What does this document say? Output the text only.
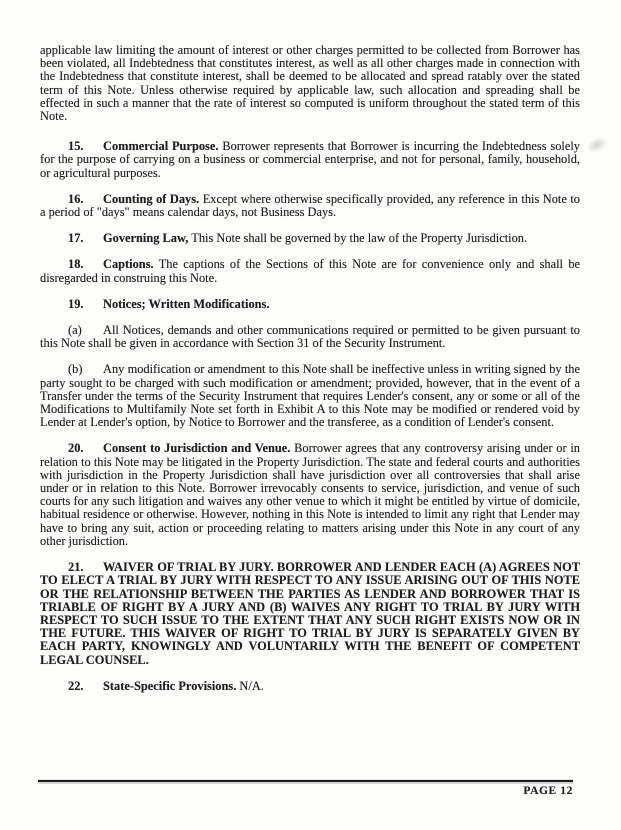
applicable law limiting the amount of interest or other charges permitted to be collected from Borrower has been violated, all Indebtedness that constitutes interest, as well as all other charges made in connection with the Indebtedness that constitute interest, shall be deemed to be allocated and spread ratably over the stated term of this Note. Unless otherwise required by applicable law, such allocation and spreading shall be effected in such a manner that the rate of interest so computed is uniform throughout the stated term of this Note.

15. Commercial Purpose. Borrower represents that Borrower is incurring the Indebtedness solely for the purpose of carrying on a business or commercial enterprise, and not for personal, family, household, or agricultural purposes.

16. Counting of Days. Except where otherwise specifically provided, any reference in this Note to a period of "days" means calendar days, not Business Days.

17. Governing Law, This Note shall be governed by the law of the Property Jurisdiction.

18. Captions. The captions of the Sections of this Note are for convenience only and shall be disregarded in construing this Note.

19. Notices; Written Modifications.

(a) All Notices, demands and other communications required or permitted to be given pursuant to this Note shall be given in accordance with Section 31 of the Security Instrument.

(b) Any modification or amendment to this Note shall be ineffective unless in writing signed by the party sought to be charged with such modification or amendment; provided, however, that in the event of a Transfer under the terms of the Security Instrument that requires Lender's consent, any or some or all of the Modifications to Multifamily Note set forth in Exhibit A to this Note may be modified or rendered void by Lender at Lender's option, by Notice to Borrower and the transferee, as a condition of Lender's consent.

20. Consent to Jurisdiction and Venue. Borrower agrees that any controversy arising under or in relation to this Note may be litigated in the Property Jurisdiction. The state and federal courts and authorities with jurisdiction in the Property Jurisdiction shall have jurisdiction over all controversies that shall arise under or in relation to this Note. Borrower irrevocably consents to service, jurisdiction, and venue of such courts for any such litigation and waives any other venue to which it might be entitled by virtue of domicile, habitual residence or otherwise. However, nothing in this Note is intended to limit any right that Lender may have to bring any suit, action or proceeding relating to matters arising under this Note in any court of any other jurisdiction.

21. WAIVER OF TRIAL BY JURY. BORROWER AND LENDER EACH (A) AGREES NOT TO ELECT A TRIAL BY JURY WITH RESPECT TO ANY ISSUE ARISING OUT OF THIS NOTE OR THE RELATIONSHIP BETWEEN THE PARTIES AS LENDER AND BORROWER THAT IS TRIABLE OF RIGHT BY A JURY AND (B) WAIVES ANY RIGHT TO TRIAL BY JURY WITH RESPECT TO SUCH ISSUE TO THE EXTENT THAT ANY SUCH RIGHT EXISTS NOW OR IN THE FUTURE. THIS WAIVER OF RIGHT TO TRIAL BY JURY IS SEPARATELY GIVEN BY EACH PARTY, KNOWINGLY AND VOLUNTARILY WITH THE BENEFIT OF COMPETENT LEGAL COUNSEL.

22. State-Specific Provisions. N/A.

PAGE 12
